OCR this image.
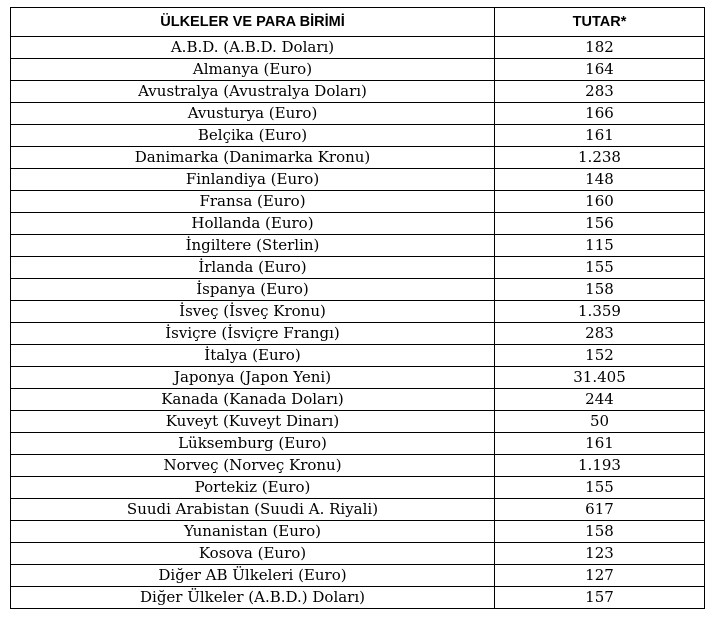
ÜLKELER VE PARA BİRİMİ	TUTAR*
A.B.D. (A.B.D. Doları)	182
Almanya (Euro)	164
Avustralya (Avustralya Doları)	283
Avusturya (Euro)	166
Belçika (Euro)	161
Danimarka (Danimarka Kronu)	1.238
Finlandiya (Euro)	148
Fransa (Euro)	160
Hollanda (Euro)	156
İngiltere (Sterlin)	115
İrlanda (Euro)	155
İspanya (Euro)	158
İsveç (İsveç Kronu)	1.359
İsviçre (İsviçre Frangı)	283
İtalya (Euro)	152
Japonya (Japon Yeni)	31.405
Kanada (Kanada Doları)	244
Kuveyt (Kuveyt Dinarı)	50
Lüksemburg (Euro)	161
Norveç (Norveç Kronu)	1.193
Portekiz (Euro)	155
Suudi Arabistan (Suudi A. Riyali)	617
Yunanistan (Euro)	158
Kosova (Euro)	123
Diğer AB Ülkeleri (Euro)	127
Diğer Ülkeler (A.B.D.) Doları)	157
